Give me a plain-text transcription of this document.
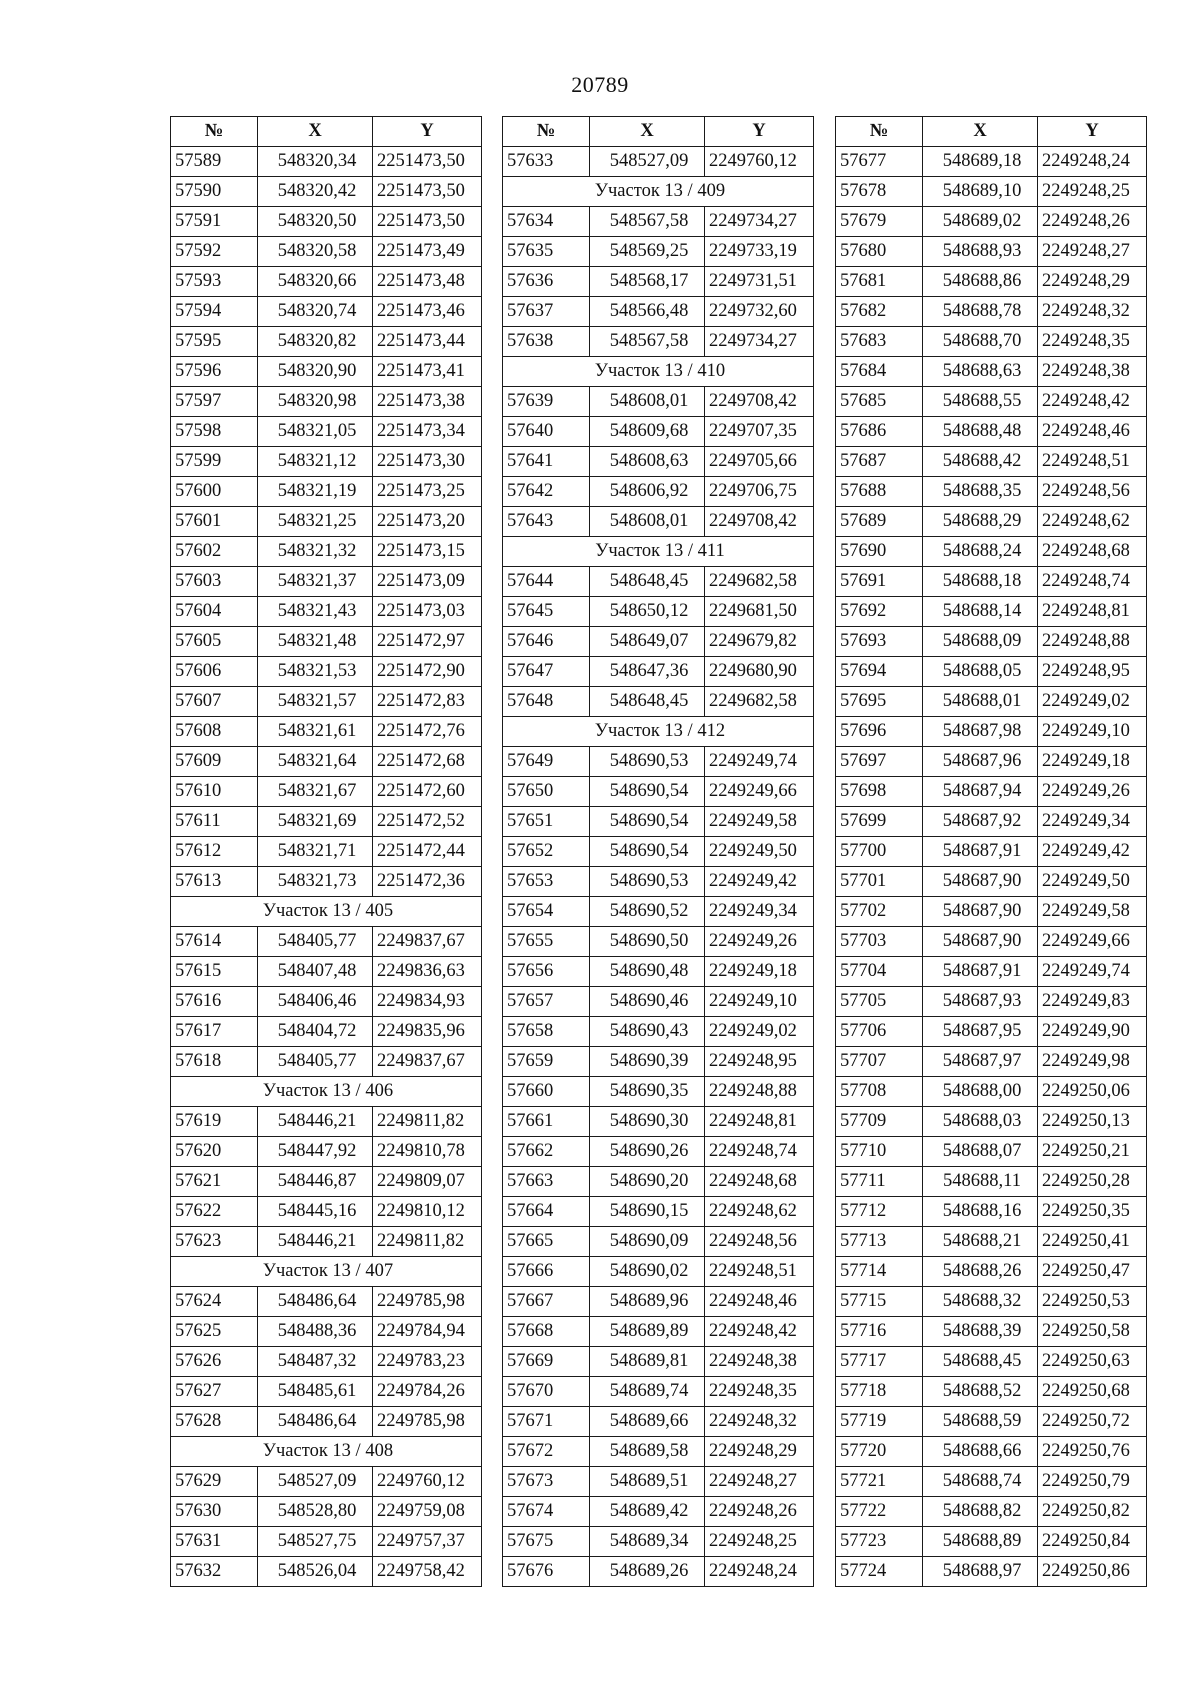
20789
№	X	Y
57589	548320,34	2251473,50
57590	548320,42	2251473,50
57591	548320,50	2251473,50
57592	548320,58	2251473,49
57593	548320,66	2251473,48
57594	548320,74	2251473,46
57595	548320,82	2251473,44
57596	548320,90	2251473,41
57597	548320,98	2251473,38
57598	548321,05	2251473,34
57599	548321,12	2251473,30
57600	548321,19	2251473,25
57601	548321,25	2251473,20
57602	548321,32	2251473,15
57603	548321,37	2251473,09
57604	548321,43	2251473,03
57605	548321,48	2251472,97
57606	548321,53	2251472,90
57607	548321,57	2251472,83
57608	548321,61	2251472,76
57609	548321,64	2251472,68
57610	548321,67	2251472,60
57611	548321,69	2251472,52
57612	548321,71	2251472,44
57613	548321,73	2251472,36
Участок 13 / 405		
57614	548405,77	2249837,67
57615	548407,48	2249836,63
57616	548406,46	2249834,93
57617	548404,72	2249835,96
57618	548405,77	2249837,67
Участок 13 / 406		
57619	548446,21	2249811,82
57620	548447,92	2249810,78
57621	548446,87	2249809,07
57622	548445,16	2249810,12
57623	548446,21	2249811,82
Участок 13 / 407		
57624	548486,64	2249785,98
57625	548488,36	2249784,94
57626	548487,32	2249783,23
57627	548485,61	2249784,26
57628	548486,64	2249785,98
Участок 13 / 408		
57629	548527,09	2249760,12
57630	548528,80	2249759,08
57631	548527,75	2249757,37
57632	548526,04	2249758,42
№	X	Y
57633	548527,09	2249760,12
Участок 13 / 409		
57634	548567,58	2249734,27
57635	548569,25	2249733,19
57636	548568,17	2249731,51
57637	548566,48	2249732,60
57638	548567,58	2249734,27
Участок 13 / 410		
57639	548608,01	2249708,42
57640	548609,68	2249707,35
57641	548608,63	2249705,66
57642	548606,92	2249706,75
57643	548608,01	2249708,42
Участок 13 / 411		
57644	548648,45	2249682,58
57645	548650,12	2249681,50
57646	548649,07	2249679,82
57647	548647,36	2249680,90
57648	548648,45	2249682,58
Участок 13 / 412		
57649	548690,53	2249249,74
57650	548690,54	2249249,66
57651	548690,54	2249249,58
57652	548690,54	2249249,50
57653	548690,53	2249249,42
57654	548690,52	2249249,34
57655	548690,50	2249249,26
57656	548690,48	2249249,18
57657	548690,46	2249249,10
57658	548690,43	2249249,02
57659	548690,39	2249248,95
57660	548690,35	2249248,88
57661	548690,30	2249248,81
57662	548690,26	2249248,74
57663	548690,20	2249248,68
57664	548690,15	2249248,62
57665	548690,09	2249248,56
57666	548690,02	2249248,51
57667	548689,96	2249248,46
57668	548689,89	2249248,42
57669	548689,81	2249248,38
57670	548689,74	2249248,35
57671	548689,66	2249248,32
57672	548689,58	2249248,29
57673	548689,51	2249248,27
57674	548689,42	2249248,26
57675	548689,34	2249248,25
57676	548689,26	2249248,24
№	X	Y
57677	548689,18	2249248,24
57678	548689,10	2249248,25
57679	548689,02	2249248,26
57680	548688,93	2249248,27
57681	548688,86	2249248,29
57682	548688,78	2249248,32
57683	548688,70	2249248,35
57684	548688,63	2249248,38
57685	548688,55	2249248,42
57686	548688,48	2249248,46
57687	548688,42	2249248,51
57688	548688,35	2249248,56
57689	548688,29	2249248,62
57690	548688,24	2249248,68
57691	548688,18	2249248,74
57692	548688,14	2249248,81
57693	548688,09	2249248,88
57694	548688,05	2249248,95
57695	548688,01	2249249,02
57696	548687,98	2249249,10
57697	548687,96	2249249,18
57698	548687,94	2249249,26
57699	548687,92	2249249,34
57700	548687,91	2249249,42
57701	548687,90	2249249,50
57702	548687,90	2249249,58
57703	548687,90	2249249,66
57704	548687,91	2249249,74
57705	548687,93	2249249,83
57706	548687,95	2249249,90
57707	548687,97	2249249,98
57708	548688,00	2249250,06
57709	548688,03	2249250,13
57710	548688,07	2249250,21
57711	548688,11	2249250,28
57712	548688,16	2249250,35
57713	548688,21	2249250,41
57714	548688,26	2249250,47
57715	548688,32	2249250,53
57716	548688,39	2249250,58
57717	548688,45	2249250,63
57718	548688,52	2249250,68
57719	548688,59	2249250,72
57720	548688,66	2249250,76
57721	548688,74	2249250,79
57722	548688,82	2249250,82
57723	548688,89	2249250,84
57724	548688,97	2249250,86
